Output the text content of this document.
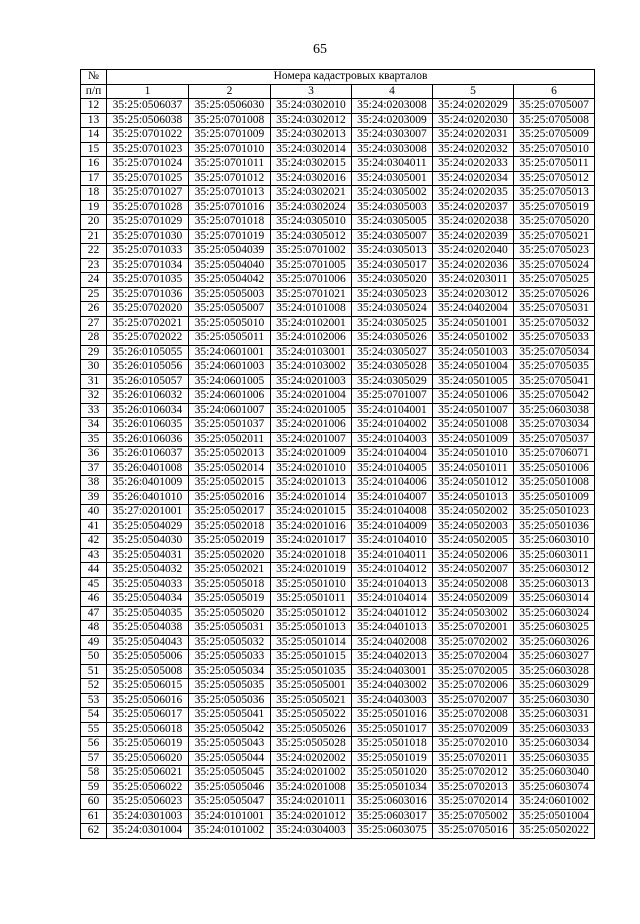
65
№	Номера кадастровых кварталов					
п/п	1	2	3	4	5	6
12	35:25:0506037	35:25:0506030	35:24:0302010	35:24:0203008	35:24:0202029	35:25:0705007
13	35:25:0506038	35:25:0701008	35:24:0302012	35:24:0203009	35:24:0202030	35:25:0705008
14	35:25:0701022	35:25:0701009	35:24:0302013	35:24:0303007	35:24:0202031	35:25:0705009
15	35:25:0701023	35:25:0701010	35:24:0302014	35:24:0303008	35:24:0202032	35:25:0705010
16	35:25:0701024	35:25:0701011	35:24:0302015	35:24:0304011	35:24:0202033	35:25:0705011
17	35:25:0701025	35:25:0701012	35:24:0302016	35:24:0305001	35:24:0202034	35:25:0705012
18	35:25:0701027	35:25:0701013	35:24:0302021	35:24:0305002	35:24:0202035	35:25:0705013
19	35:25:0701028	35:25:0701016	35:24:0302024	35:24:0305003	35:24:0202037	35:25:0705019
20	35:25:0701029	35:25:0701018	35:24:0305010	35:24:0305005	35:24:0202038	35:25:0705020
21	35:25:0701030	35:25:0701019	35:24:0305012	35:24:0305007	35:24:0202039	35:25:0705021
22	35:25:0701033	35:25:0504039	35:25:0701002	35:24:0305013	35:24:0202040	35:25:0705023
23	35:25:0701034	35:25:0504040	35:25:0701005	35:24:0305017	35:24:0202036	35:25:0705024
24	35:25:0701035	35:25:0504042	35:25:0701006	35:24:0305020	35:24:0203011	35:25:0705025
25	35:25:0701036	35:25:0505003	35:25:0701021	35:24:0305023	35:24:0203012	35:25:0705026
26	35:25:0702020	35:25:0505007	35:24:0101008	35:24:0305024	35:24:0402004	35:25:0705031
27	35:25:0702021	35:25:0505010	35:24:0102001	35:24:0305025	35:24:0501001	35:25:0705032
28	35:25:0702022	35:25:0505011	35:24:0102006	35:24:0305026	35:24:0501002	35:25:0705033
29	35:26:0105055	35:24:0601001	35:24:0103001	35:24:0305027	35:24:0501003	35:25:0705034
30	35:26:0105056	35:24:0601003	35:24:0103002	35:24:0305028	35:24:0501004	35:25:0705035
31	35:26:0105057	35:24:0601005	35:24:0201003	35:24:0305029	35:24:0501005	35:25:0705041
32	35:26:0106032	35:24:0601006	35:24:0201004	35:25:0701007	35:24:0501006	35:25:0705042
33	35:26:0106034	35:24:0601007	35:24:0201005	35:24:0104001	35:24:0501007	35:25:0603038
34	35:26:0106035	35:25:0501037	35:24:0201006	35:24:0104002	35:24:0501008	35:25:0703034
35	35:26:0106036	35:25:0502011	35:24:0201007	35:24:0104003	35:24:0501009	35:25:0705037
36	35:26:0106037	35:25:0502013	35:24:0201009	35:24:0104004	35:24:0501010	35:25:0706071
37	35:26:0401008	35:25:0502014	35:24:0201010	35:24:0104005	35:24:0501011	35:25:0501006
38	35:26:0401009	35:25:0502015	35:24:0201013	35:24:0104006	35:24:0501012	35:25:0501008
39	35:26:0401010	35:25:0502016	35:24:0201014	35:24:0104007	35:24:0501013	35:25:0501009
40	35:27:0201001	35:25:0502017	35:24:0201015	35:24:0104008	35:24:0502002	35:25:0501023
41	35:25:0504029	35:25:0502018	35:24:0201016	35:24:0104009	35:24:0502003	35:25:0501036
42	35:25:0504030	35:25:0502019	35:24:0201017	35:24:0104010	35:24:0502005	35:25:0603010
43	35:25:0504031	35:25:0502020	35:24:0201018	35:24:0104011	35:24:0502006	35:25:0603011
44	35:25:0504032	35:25:0502021	35:24:0201019	35:24:0104012	35:24:0502007	35:25:0603012
45	35:25:0504033	35:25:0505018	35:25:0501010	35:24:0104013	35:24:0502008	35:25:0603013
46	35:25:0504034	35:25:0505019	35:25:0501011	35:24:0104014	35:24:0502009	35:25:0603014
47	35:25:0504035	35:25:0505020	35:25:0501012	35:24:0401012	35:24:0503002	35:25:0603024
48	35:25:0504038	35:25:0505031	35:25:0501013	35:24:0401013	35:25:0702001	35:25:0603025
49	35:25:0504043	35:25:0505032	35:25:0501014	35:24:0402008	35:25:0702002	35:25:0603026
50	35:25:0505006	35:25:0505033	35:25:0501015	35:24:0402013	35:25:0702004	35:25:0603027
51	35:25:0505008	35:25:0505034	35:25:0501035	35:24:0403001	35:25:0702005	35:25:0603028
52	35:25:0506015	35:25:0505035	35:25:0505001	35:24:0403002	35:25:0702006	35:25:0603029
53	35:25:0506016	35:25:0505036	35:25:0505021	35:24:0403003	35:25:0702007	35:25:0603030
54	35:25:0506017	35:25:0505041	35:25:0505022	35:25:0501016	35:25:0702008	35:25:0603031
55	35:25:0506018	35:25:0505042	35:25:0505026	35:25:0501017	35:25:0702009	35:25:0603033
56	35:25:0506019	35:25:0505043	35:25:0505028	35:25:0501018	35:25:0702010	35:25:0603034
57	35:25:0506020	35:25:0505044	35:24:0202002	35:25:0501019	35:25:0702011	35:25:0603035
58	35:25:0506021	35:25:0505045	35:24:0201002	35:25:0501020	35:25:0702012	35:25:0603040
59	35:25:0506022	35:25:0505046	35:24:0201008	35:25:0501034	35:25:0702013	35:25:0603074
60	35:25:0506023	35:25:0505047	35:24:0201011	35:25:0603016	35:25:0702014	35:24:0601002
61	35:24:0301003	35:24:0101001	35:24:0201012	35:25:0603017	35:25:0705002	35:25:0501004
62	35:24:0301004	35:24:0101002	35:24:0304003	35:25:0603075	35:25:0705016	35:25:0502022
